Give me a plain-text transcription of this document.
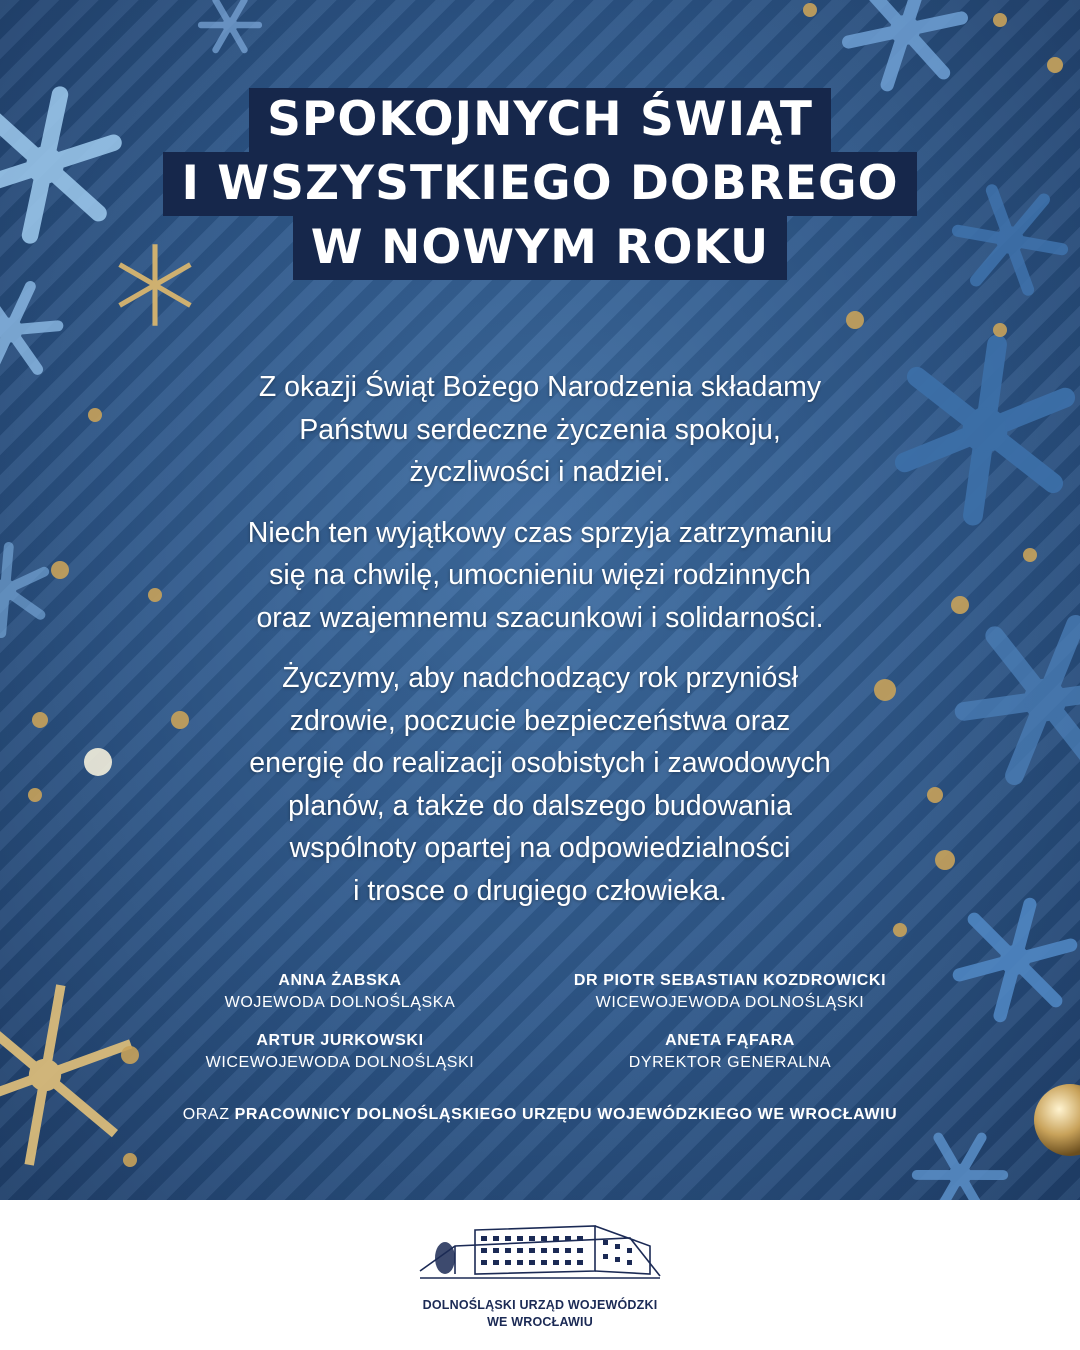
SPOKOJNYCH ŚWIĄT
I WSZYSTKIEGO DOBREGO
W NOWYM ROKU

Z okazji Świąt Bożego Narodzenia składamy
Państwu serdeczne życzenia spokoju,
życzliwości i nadziei.

Niech ten wyjątkowy czas sprzyja zatrzymaniu
się na chwilę, umocnieniu więzi rodzinnych
oraz wzajemnemu szacunkowi i solidarności.

Życzymy, aby nadchodzący rok przyniósł
zdrowie, poczucie bezpieczeństwa oraz
energię do realizacji osobistych i zawodowych
planów, a także do dalszego budowania
wspólnoty opartej na odpowiedzialności
i trosce o drugiego człowieka.

ANNA ŻABSKA
WOJEWODA DOLNOŚLĄSKA
DR PIOTR SEBASTIAN KOZDROWICKI
WICEWOJEWODA DOLNOŚLĄSKI
ARTUR JURKOWSKI
WICEWOJEWODA DOLNOŚLĄSKI
ANETA FĄFARA
DYREKTOR GENERALNA
ORAZ PRACOWNICY DOLNOŚLĄSKIEGO URZĘDU WOJEWÓDZKIEGO WE WROCŁAWIU
DOLNOŚLĄSKI URZĄD WOJEWÓDZKI
WE WROCŁAWIU
